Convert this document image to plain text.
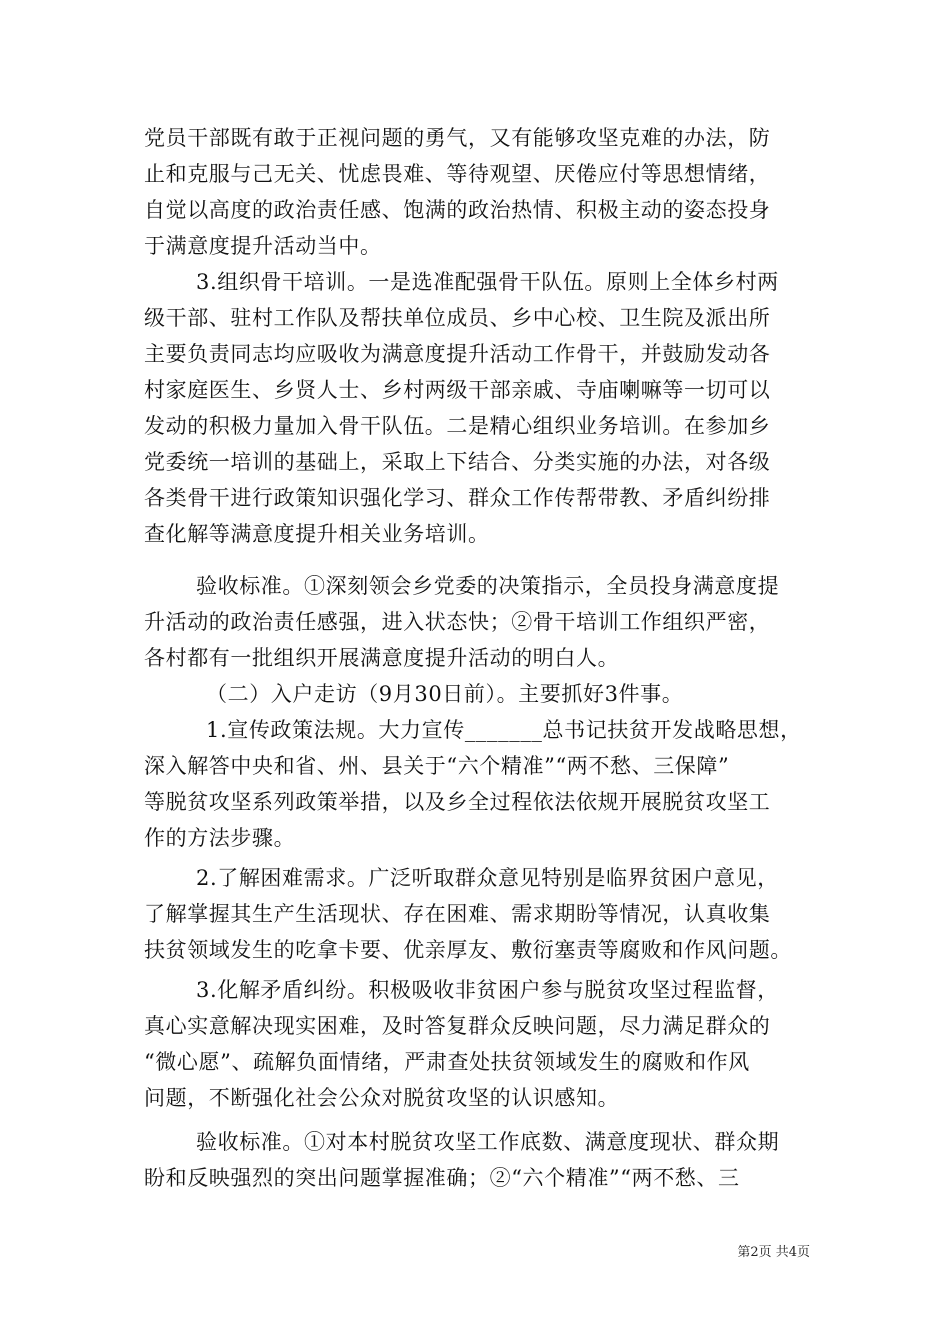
党员干部既有敢于正视问题的勇气，又有能够攻坚克难的办法，防
止和克服与己无关、忧虑畏难、等待观望、厌倦应付等思想情绪，
自觉以高度的政治责任感、饱满的政治热情、积极主动的姿态投身
于满意度提升活动当中。
3.组织骨干培训。一是选准配强骨干队伍。原则上全体乡村两
级干部、驻村工作队及帮扶单位成员、乡中心校、卫生院及派出所
主要负责同志均应吸收为满意度提升活动工作骨干，并鼓励发动各
村家庭医生、乡贤人士、乡村两级干部亲戚、寺庙喇嘛等一切可以
发动的积极力量加入骨干队伍。二是精心组织业务培训。在参加乡
党委统一培训的基础上，采取上下结合、分类实施的办法，对各级
各类骨干进行政策知识强化学习、群众工作传帮带教、矛盾纠纷排
查化解等满意度提升相关业务培训。
验收标准。①深刻领会乡党委的决策指示，全员投身满意度提
升活动的政治责任感强，进入状态快；②骨干培训工作组织严密，
各村都有一批组织开展满意度提升活动的明白人。
（二）入户走访（9月30日前）。主要抓好3件事。
1.宣传政策法规。大力宣传_______总书记扶贫开发战略思想，
深入解答中央和省、州、县关于“六个精准”“两不愁、三保障”
等脱贫攻坚系列政策举措，以及乡全过程依法依规开展脱贫攻坚工
作的方法步骤。
2.了解困难需求。广泛听取群众意见特别是临界贫困户意见，
了解掌握其生产生活现状、存在困难、需求期盼等情况，认真收集
扶贫领域发生的吃拿卡要、优亲厚友、敷衍塞责等腐败和作风问题。
3.化解矛盾纠纷。积极吸收非贫困户参与脱贫攻坚过程监督，
真心实意解决现实困难，及时答复群众反映问题，尽力满足群众的
“微心愿”、疏解负面情绪，严肃查处扶贫领域发生的腐败和作风
问题，不断强化社会公众对脱贫攻坚的认识感知。
验收标准。①对本村脱贫攻坚工作底数、满意度现状、群众期
盼和反映强烈的突出问题掌握准确；②“六个精准”“两不愁、三
第2页 共4页
